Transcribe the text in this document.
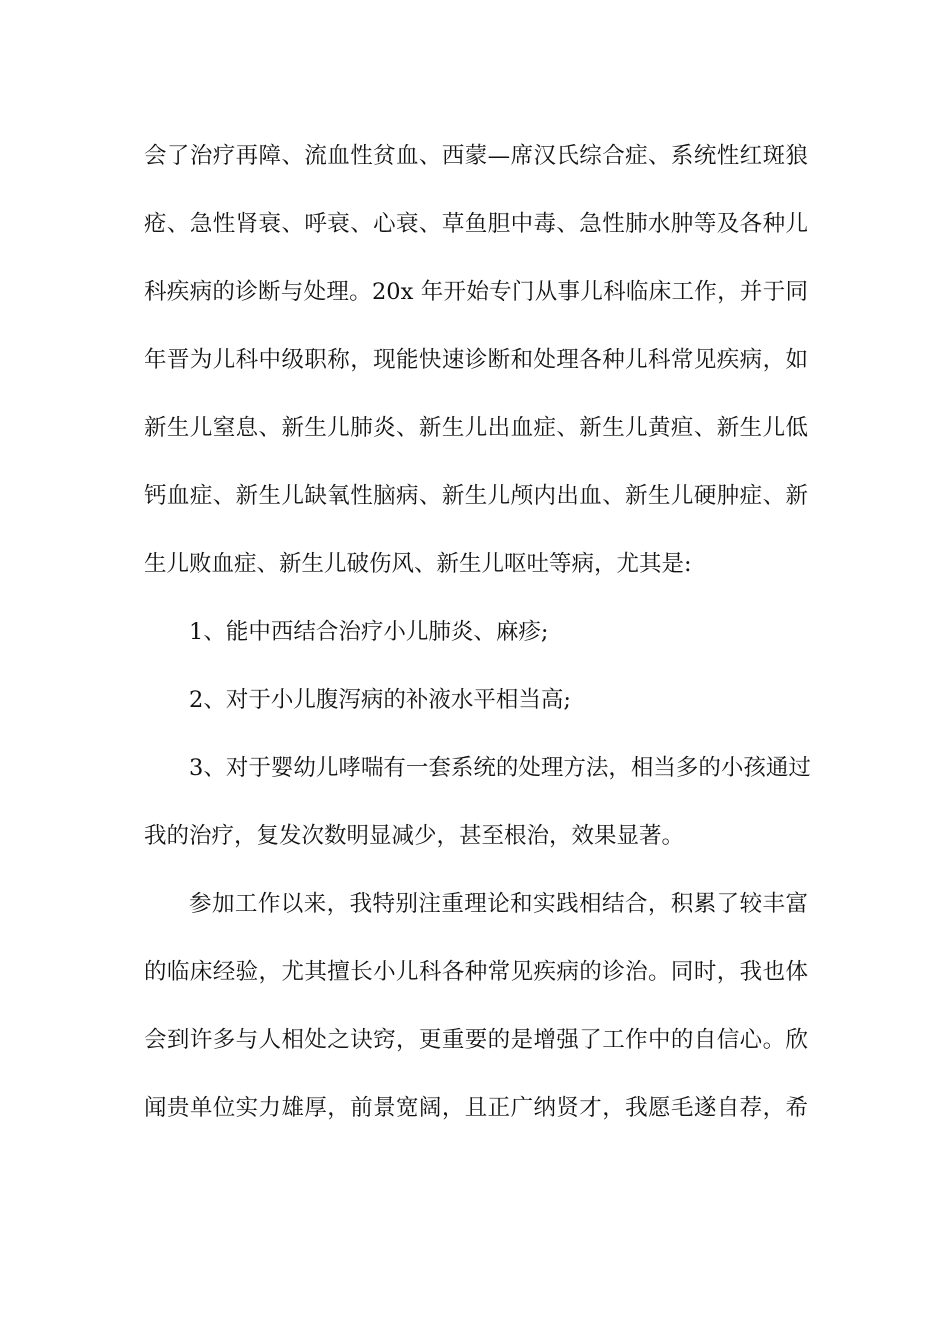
会了治疗再障、流血性贫血、西蒙—席汉氏综合症、系统性红斑狼
疮、急性肾衰、呼衰、心衰、草鱼胆中毒、急性肺水肿等及各种儿
科疾病的诊断与处理。20x 年开始专门从事儿科临床工作，并于同
年晋为儿科中级职称，现能快速诊断和处理各种儿科常见疾病，如
新生儿窒息、新生儿肺炎、新生儿出血症、新生儿黄疸、新生儿低
钙血症、新生儿缺氧性脑病、新生儿颅内出血、新生儿硬肿症、新
生儿败血症、新生儿破伤风、新生儿呕吐等病，尤其是:
1、能中西结合治疗小儿肺炎、麻疹;
2、对于小儿腹泻病的补液水平相当高;
3、对于婴幼儿哮喘有一套系统的处理方法，相当多的小孩通过
我的治疗，复发次数明显减少，甚至根治，效果显著。
参加工作以来，我特别注重理论和实践相结合，积累了较丰富
的临床经验，尤其擅长小儿科各种常见疾病的诊治。同时，我也体
会到许多与人相处之诀窍，更重要的是增强了工作中的自信心。欣
闻贵单位实力雄厚，前景宽阔，且正广纳贤才，我愿毛遂自荐，希
